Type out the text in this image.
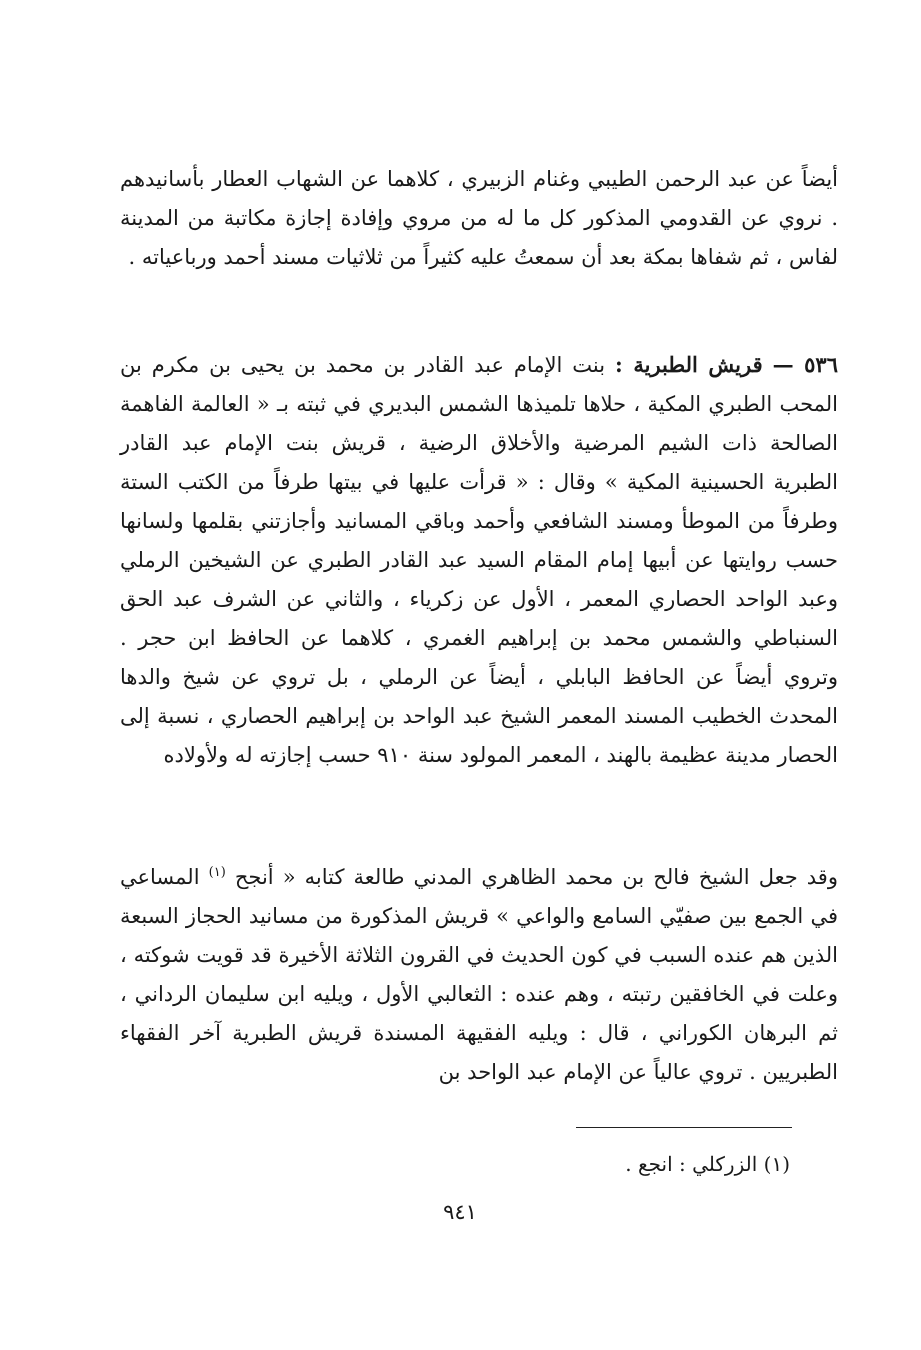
أيضاً عن عبد الرحمن الطيبي وغنام الزبيري ، كلاهما عن الشهاب العطار بأسانيدهم . نروي عن القدومي المذكور كل ما له من مروي وإفادة إجازة مكاتبة من المدينة لفاس ، ثم شفاها بمكة بعد أن سمعتُ عليه كثيراً من ثلاثيات مسند أحمد ورباعياته .

٥٣٦ — قريش الطبرية : بنت الإمام عبد القادر بن محمد بن يحيى بن مكرم بن المحب الطبري المكية ، حلاها تلميذها الشمس البديري في ثبته بـ « العالمة الفاهمة الصالحة ذات الشيم المرضية والأخلاق الرضية ، قريش بنت الإمام عبد القادر الطبرية الحسينية المكية » وقال : « قرأت عليها في بيتها طرفاً من الكتب الستة وطرفاً من الموطأ ومسند الشافعي وأحمد وباقي المسانيد وأجازتني بقلمها ولسانها حسب روايتها عن أبيها إمام المقام السيد عبد القادر الطبري عن الشيخين الرملي وعبد الواحد الحصاري المعمر ، الأول عن زكرياء ، والثاني عن الشرف عبد الحق السنباطي والشمس محمد بن إبراهيم الغمري ، كلاهما عن الحافظ ابن حجر . وتروي أيضاً عن الحافظ البابلي ، أيضاً عن الرملي ، بل تروي عن شيخ والدها المحدث الخطيب المسند المعمر الشيخ عبد الواحد بن إبراهيم الحصاري ، نسبة إلى الحصار مدينة عظيمة بالهند ، المعمر المولود سنة ٩١٠ حسب إجازته له ولأولاده

وقد جعل الشيخ فالح بن محمد الظاهري المدني طالعة كتابه « أنجح $^{(١)}$ المساعي في الجمع بين صفيّي السامع والواعي » قريش المذكورة من مسانيد الحجاز السبعة الذين هم عنده السبب في كون الحديث في القرون الثلاثة الأخيرة قد قويت شوكته ، وعلت في الخافقين رتبته ، وهم عنده : الثعالبي الأول ، ويليه ابن سليمان الرداني ، ثم البرهان الكوراني ، قال : ويليه الفقيهة المسندة قريش الطبرية آخر الفقهاء الطبريين . تروي عالياً عن الإمام عبد الواحد بن

(١) الزركلي : انجع .
٩٤١
